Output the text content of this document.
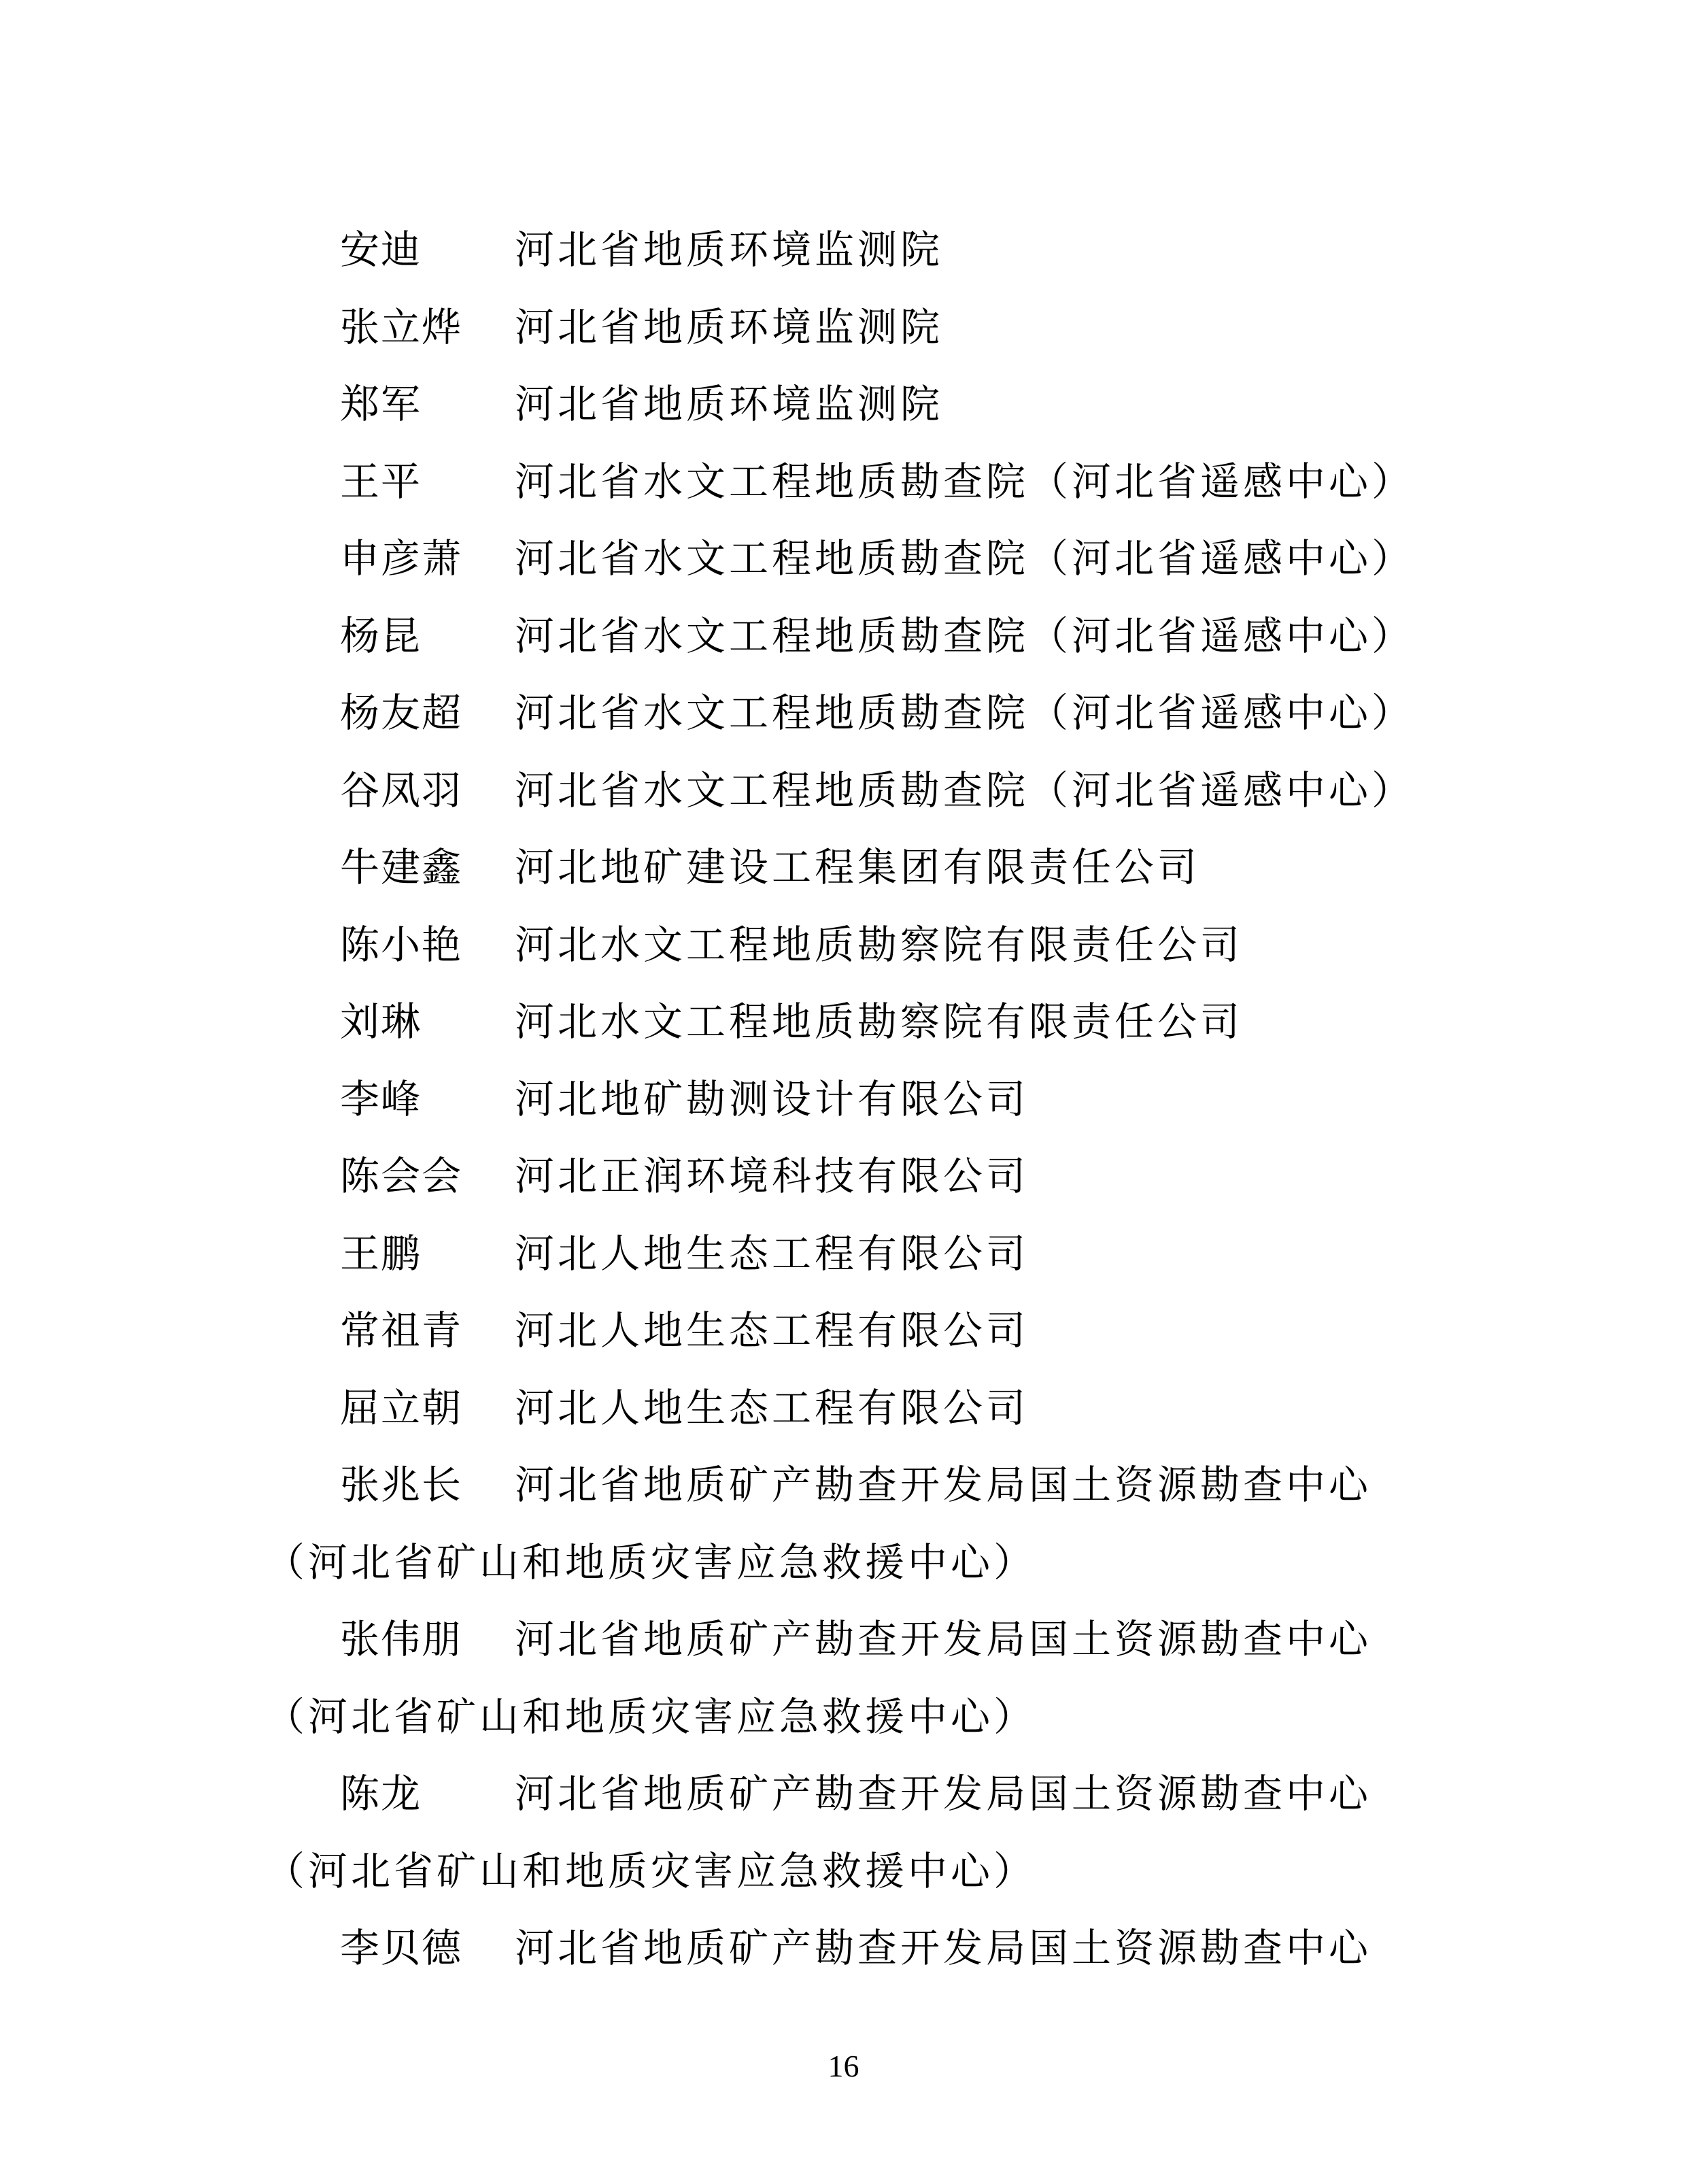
安迪 河北省地质环境监测院
张立烨 河北省地质环境监测院
郑军 河北省地质环境监测院
王平 河北省水文工程地质勘查院（河北省遥感中心）
申彦萧 河北省水文工程地质勘查院（河北省遥感中心）
杨昆 河北省水文工程地质勘查院（河北省遥感中心）
杨友超 河北省水文工程地质勘查院（河北省遥感中心）
谷凤羽 河北省水文工程地质勘查院（河北省遥感中心）
牛建鑫 河北地矿建设工程集团有限责任公司
陈小艳 河北水文工程地质勘察院有限责任公司
刘琳 河北水文工程地质勘察院有限责任公司
李峰 河北地矿勘测设计有限公司
陈会会 河北正润环境科技有限公司
王鹏 河北人地生态工程有限公司
常祖青 河北人地生态工程有限公司
屈立朝 河北人地生态工程有限公司
张兆长 河北省地质矿产勘查开发局国土资源勘查中心
（河北省矿山和地质灾害应急救援中心）
张伟朋 河北省地质矿产勘查开发局国土资源勘查中心
（河北省矿山和地质灾害应急救援中心）
陈龙 河北省地质矿产勘查开发局国土资源勘查中心
（河北省矿山和地质灾害应急救援中心）
李贝德 河北省地质矿产勘查开发局国土资源勘查中心
16
